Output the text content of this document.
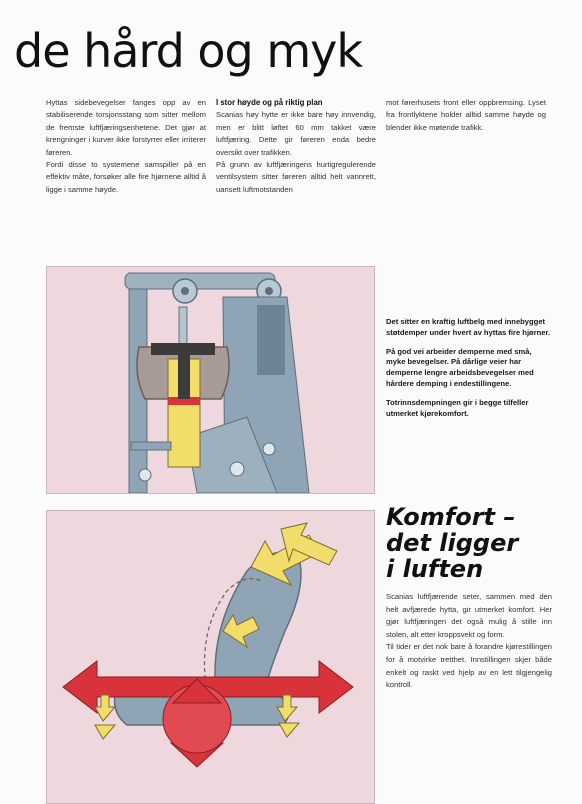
de hård og myk

Hyttas sidebevegelser fanges opp av en stabiliserende torsjonsstang som sitter mellom de fremste luftfjæringsenhetene. Det gjør at krengninger i kurver ikke forstyrrer eller irriterer føreren.

Fordi disse to systemene samspiller på en effektiv måte, forsøker alle fire hjørnene alltid å ligge i samme høyde.

I stor høyde og på riktig plan

Scanias høy hytte er ikke bare høy innvendig, men er blitt løftet 60 mm takket være luftfjæring. Dette gir føreren enda bedre oversikt over trafikken.

På grunn av luftfjæringens hurtigregulerende ventilsystem sitter føreren alltid helt vannrett, uansett luftmotstanden

mot førerhusets front eller oppbremsing. Lyset fra frontlyktene holder alltid samme høyde og blender ikke møtende trafikk.

Det sitter en kraftig luftbelg med innebygget støtdemper under hvert av hyttas fire hjørner.

På god vei arbeider demperne med små, myke bevegelser. På dårlige veier har demperne lengre arbeidsbevegelser med hårdere demping i endestillingene.

Totrinnsdempningen gir i begge tilfeller utmerket kjørekomfort.

Komfort –
det ligger
i luften

Scanias luftfjærende seter, sammen med den helt avfjærede hytta, gir utmerket komfort. Her gjør luftfjæringen det også mulig å stille inn stolen, alt etter kroppsvekt og form.

Til tider er det nok bare å forandre kjørestillingen for å motvirke tretthet. Innstillingen skjer både enkelt og raskt ved hjelp av en lett tilgjengelig kontroll.
